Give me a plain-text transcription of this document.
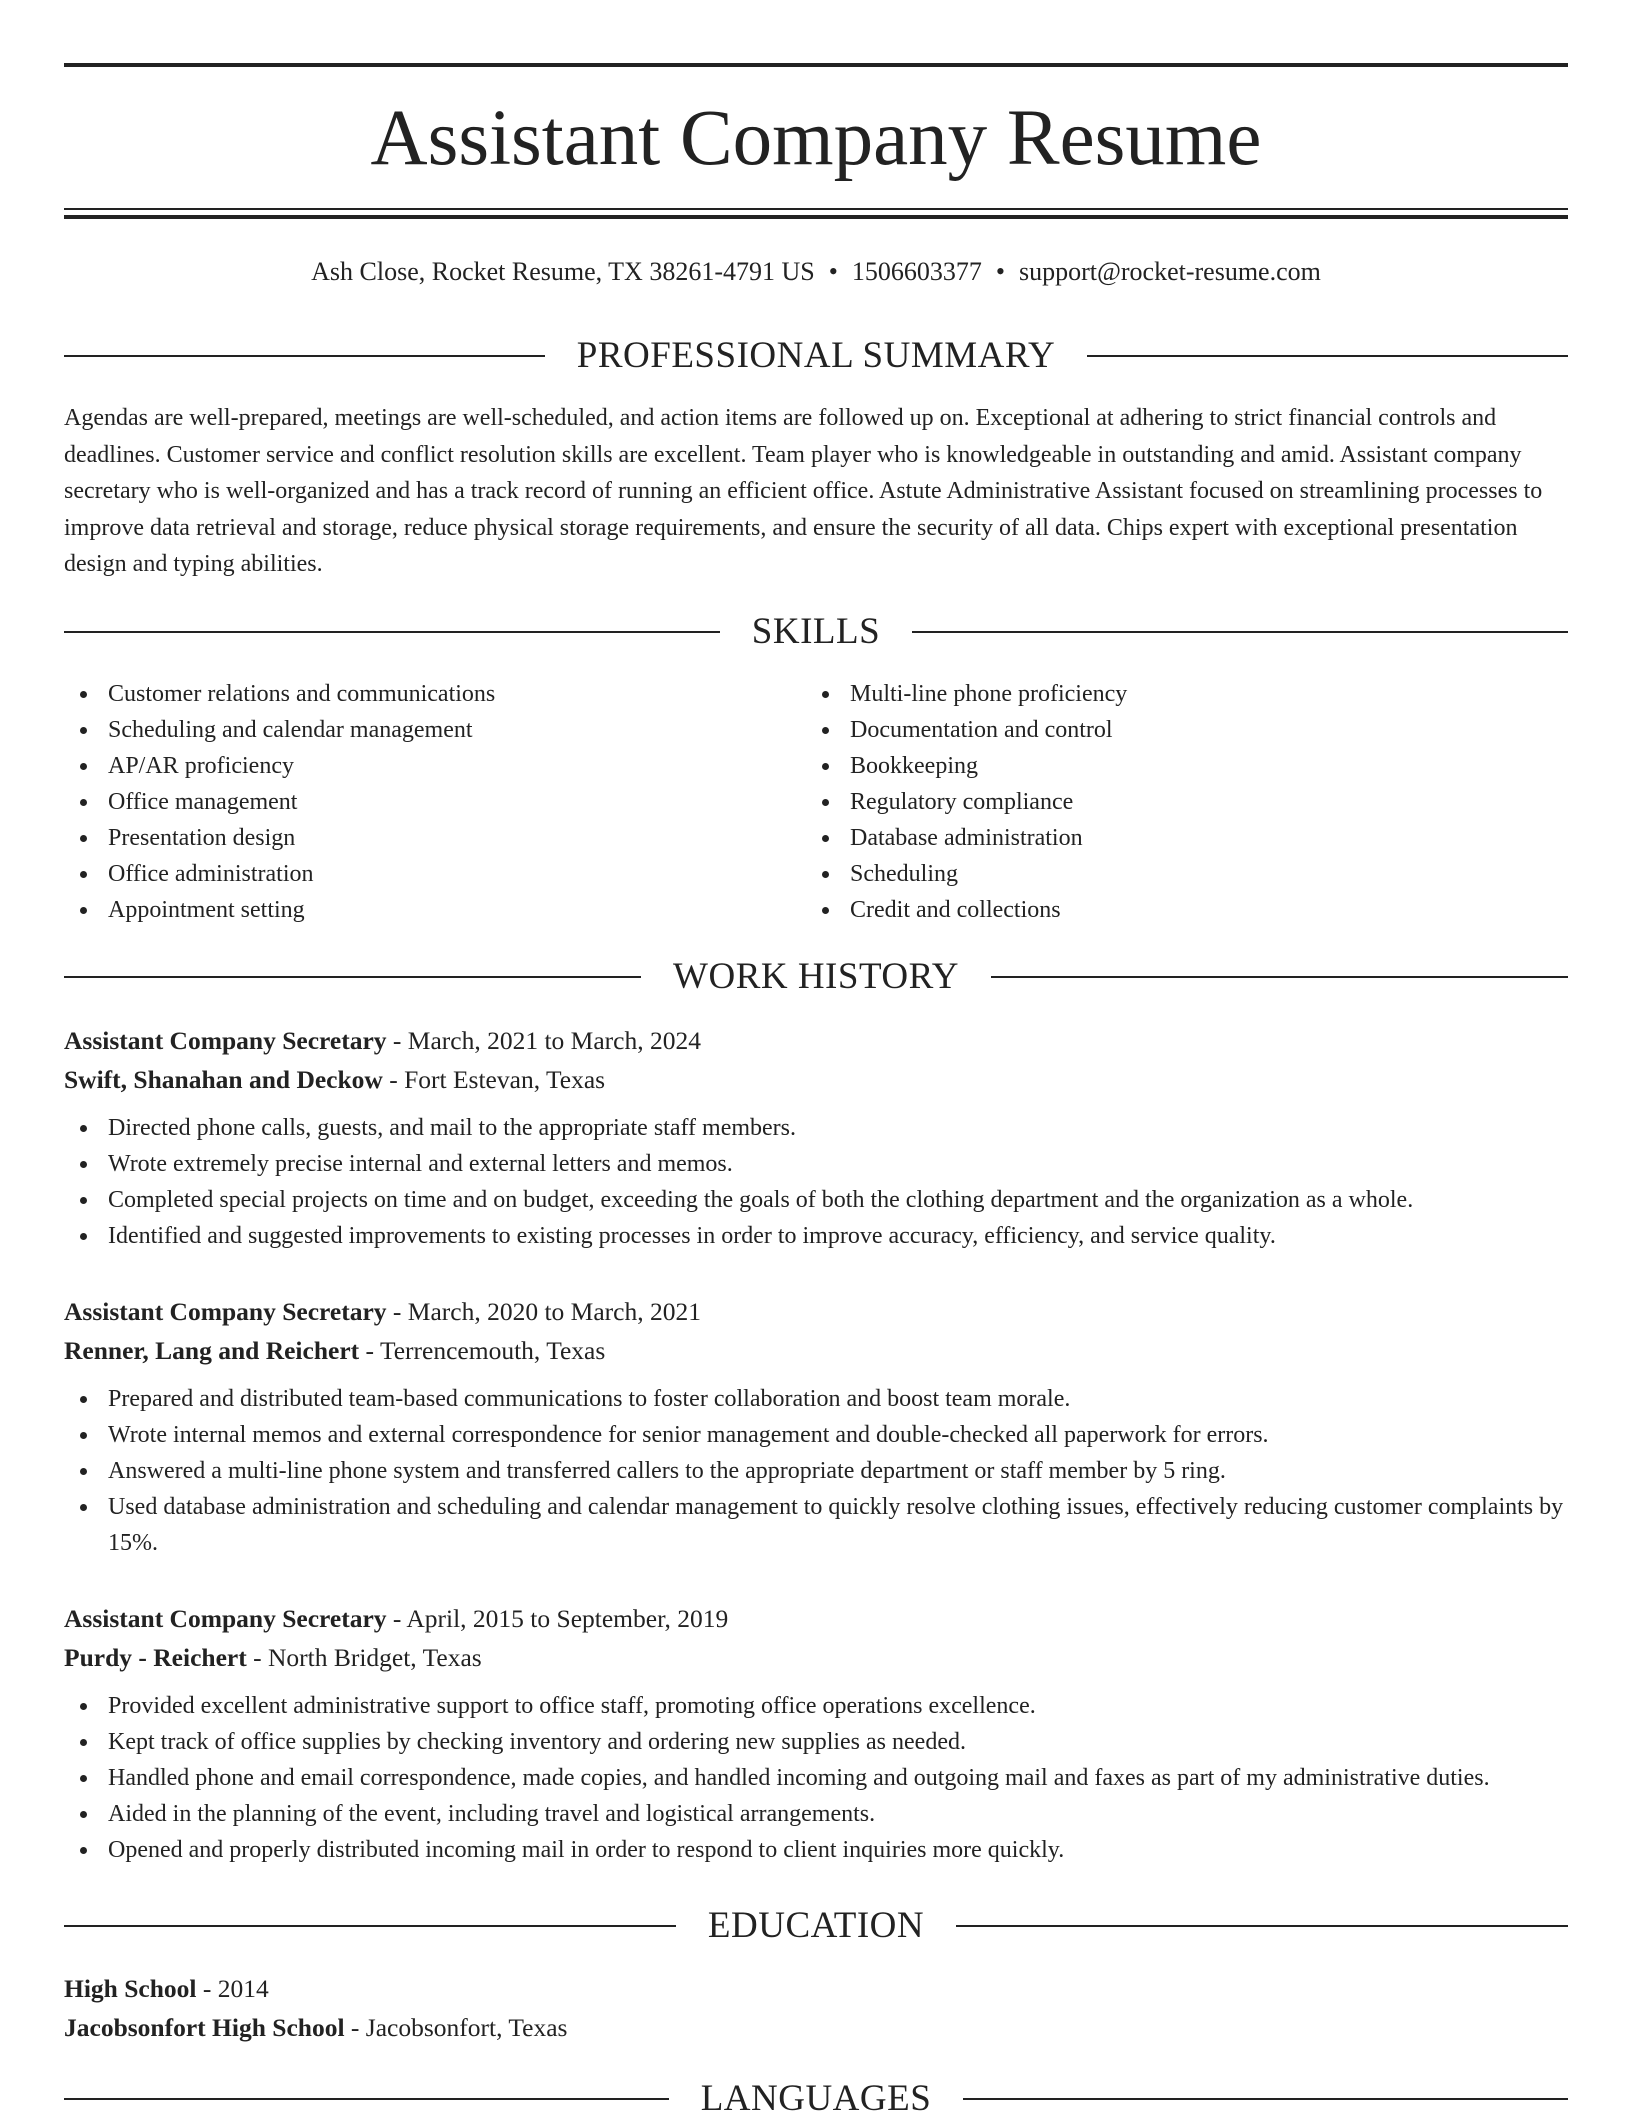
Assistant Company Resume
Ash Close, Rocket Resume, TX 38261-4791 US • 1506603377 • support@rocket-resume.com
PROFESSIONAL SUMMARY

Agendas are well-prepared, meetings are well-scheduled, and action items are followed up on. Exceptional at adhering to strict financial controls and deadlines. Customer service and conflict resolution skills are excellent. Team player who is knowledgeable in outstanding and amid. Assistant company secretary who is well-organized and has a track record of running an efficient office. Astute Administrative Assistant focused on streamlining processes to improve data retrieval and storage, reduce physical storage requirements, and ensure the security of all data. Chips expert with exceptional presentation design and typing abilities.

SKILLS
Customer relations and communications
Scheduling and calendar management
AP/AR proficiency
Office management
Presentation design
Office administration
Appointment setting
Multi-line phone proficiency
Documentation and control
Bookkeeping
Regulatory compliance
Database administration
Scheduling
Credit and collections
WORK HISTORY
Assistant Company Secretary - March, 2021 to March, 2024
Swift, Shanahan and Deckow - Fort Estevan, Texas
Directed phone calls, guests, and mail to the appropriate staff members.
Wrote extremely precise internal and external letters and memos.
Completed special projects on time and on budget, exceeding the goals of both the clothing department and the organization as a whole.
Identified and suggested improvements to existing processes in order to improve accuracy, efficiency, and service quality.
Assistant Company Secretary - March, 2020 to March, 2021
Renner, Lang and Reichert - Terrencemouth, Texas
Prepared and distributed team-based communications to foster collaboration and boost team morale.
Wrote internal memos and external correspondence for senior management and double-checked all paperwork for errors.
Answered a multi-line phone system and transferred callers to the appropriate department or staff member by 5 ring.
Used database administration and scheduling and calendar management to quickly resolve clothing issues, effectively reducing customer complaints by 15%.
Assistant Company Secretary - April, 2015 to September, 2019
Purdy - Reichert - North Bridget, Texas
Provided excellent administrative support to office staff, promoting office operations excellence.
Kept track of office supplies by checking inventory and ordering new supplies as needed.
Handled phone and email correspondence, made copies, and handled incoming and outgoing mail and faxes as part of my administrative duties.
Aided in the planning of the event, including travel and logistical arrangements.
Opened and properly distributed incoming mail in order to respond to client inquiries more quickly.
EDUCATION
High School - 2014
Jacobsonfort High School - Jacobsonfort, Texas
LANGUAGES
